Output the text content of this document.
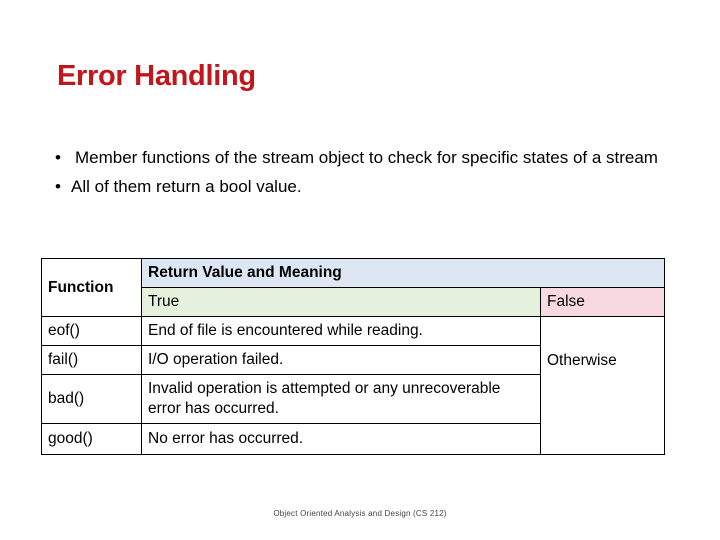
Error Handling
• Member functions of the stream object to check for specific states of a stream
• All of them return a bool value.
Function	Return Value and Meaning	
	True	False
eof()	End of file is encountered while reading.	Otherwise
fail()	I/O operation failed.	
bad()	Invalid operation is attempted or any unrecoverable error has occurred.	
good()	No error has occurred.	
Object Oriented Analysis and Design (CS 212)
